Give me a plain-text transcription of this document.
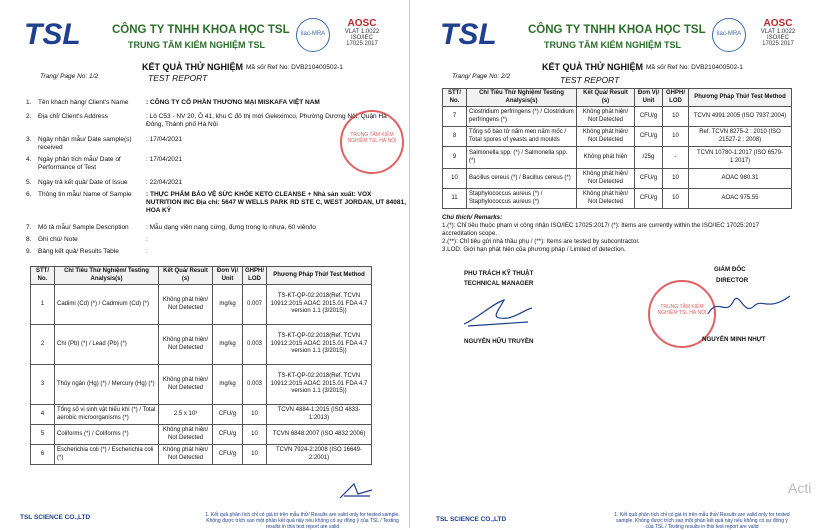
TSL	CÔNG TY TNHH KHOA HỌC TSL
TRUNG TÂM KIỂM NGHIỆM TSL
ilac-MRA
AOSC
VLAT 1.0022
ISO/IEC 17025:2017
KẾT QUẢ THỬ NGHIỆM Mã số/ Ref No: DVB210400502-1
Trang/ Page No: 1/2	TEST REPORT
1. Tên khách hàng/ Client's Name	: CÔNG TY CỔ PHẦN THƯƠNG MẠI MISKAFA VIỆT NAM
2. Địa chỉ/ Client's Address	: Lô C53 - NV 20, Ô 41, khu C đô thị mới Geleximco, Phường Dương Nội, Quận Hà Đông, Thành phố Hà Nội
3. Ngày nhận mẫu/ Date sample(s) received
: 17/04/2021
4. Ngày phân tích mẫu/ Date of Performance of Test
: 17/04/2021
5. Ngày trả kết quả/ Date of Issue	: 22/04/2021
6. Thông tin mẫu/ Name of Sample	: THỰC PHẨM BẢO VỆ SỨC KHỎE KETO CLEANSE + Nhà sản xuất: VOX NUTRITION INC Địa chỉ: 5647 W WELLS PARK RD STE C, WEST JORDAN, UT 84081, HOA KỲ
7. Mô tả mẫu/ Sample Description	: Mẫu dạng viên nang cứng, đựng trong lọ nhựa, 60 viên/lọ
8. Ghi chú/ Note	:
9. Bảng kết quả/ Results Table	:
TRUNG TÂM KIỂM NGHIỆM TSL HÀ NỘI
STT/ No.	Chỉ Tiêu Thử Nghiệm/ Testing Analysis(s)	Kết Quả/ Result (s)	Đơn Vị/ Unit	GHPH/ LOD	Phương Pháp Thử/ Test Method
1	Cadimi (Cd) (*) / Cadmium (Cd) (*)	Không phát hiện/ Not Detected	mg/kg	0.007	TS-KT-QP-02:2018(Ref. TCVN 10912:2015 AOAC 2015.01 FDA 4.7 version 1.1 (3/2015))
2	Chì (Pb) (*) / Lead (Pb) (*)	Không phát hiện/ Not Detected	mg/kg	0.003	TS-KT-QP-02:2018(Ref. TCVN 10912:2015 AOAC 2015.01 FDA 4.7 version 1.1 (3/2015))
3	Thủy ngân (Hg) (*) / Mercury (Hg) (*)	Không phát hiện/ Not Detected	mg/kg	0.003	TS-KT-QP-02:2018(Ref. TCVN 10912:2015 AOAC 2015.01 FDA 4.7 version 1.1 (3/2015))
4	Tổng số vi sinh vật hiếu khí (*) / Total aerobic microorganisms (*)	2.5 x 10³	CFU/g	10	TCVN 4884-1:2015 (ISO 4833-1:2013)
5	Coliforms (*) / Coliforms (*)	Không phát hiện/ Not Detected	CFU/g	10	TCVN 6848:2007 (ISO 4832:2006)
6	Escherichia coli (*) / Escherichia coli (*)	Không phát hiện/ Not Detected	CFU/g	10	TCVN 7924-2:2008 (ISO 16649-2:2001)
TSL SCIENCE CO.,LTD	1. Kết quả phân tích chỉ có giá trị trên mẫu thử/ Results are valid only for tested sample. Không được trích sao một phần kết quả này nếu không có sự đồng ý của TSL / Testing results in this test report are valid
TSL	CÔNG TY TNHH KHOA HỌC TSL
TRUNG TÂM KIỂM NGHIỆM TSL
ilac-MRA
AOSC
VLAT 1.0022
ISO/IEC 17025:2017
KẾT QUẢ THỬ NGHIỆM Mã số/ Ref No: DVB210400502-1
Trang/ Page No: 2/2	TEST REPORT
STT/ No.	Chỉ Tiêu Thử Nghiệm/ Testing Analysis(s)	Kết Quả/ Result (s)	Đơn Vị/ Unit	GHPH/ LOD	Phương Pháp Thử/ Test Method
7	Clostridium perfringens (*) / Clostridium perfringens (*)	Không phát hiện/ Not Detected	CFU/g	10	TCVN 4991:2005 (ISO 7937:2004)
8	Tổng số bào tử nấm men nấm mốc / Total spores of yeasts and moulds	Không phát hiện/ Not Detected	CFU/g	10	Ref. TCVN 8275-2 : 2010 (ISO 21527-2 : 2008)
9	Salmonella spp. (*) / Salmonella spp. (*)	Không phát hiện	/25g	-	TCVN 10780-1:2017 (ISO 6579-1:2017)
10	Bacillus cereus (*) / Bacillus cereus (*)	Không phát hiện/ Not Detected	CFU/g	10	AOAC 980.31
11	Staphylococcus aureus (*) / Staphylococcus aureus (*)	Không phát hiện/ Not Detected	CFU/g	10	AOAC 975.55
Chú thích/ Remarks:
1.(*): Chỉ tiêu thuộc phạm vi công nhận ISO/IEC 17025:2017/ (*): Items are currently within the ISO/IEC 17025:2017 accreditation scope.
2.(**): Chỉ tiêu gửi nhà thầu phụ / (**): Items are tested by subcontractor.
3.LOD: Giới hạn phát hiện của phương pháp / Limited of detection.
PHỤ TRÁCH KỸ THUẬT
TECHNICAL MANAGER
NGUYỄN HỮU TRUYỀN
GIÁM ĐỐC
DIRECTOR
TRUNG TÂM KIỂM NGHIỆM TSL HÀ NỘI
NGUYỄN MINH NHỰT
TSL SCIENCE CO.,LTD
1. Kết quả phân tích chỉ có giá trị trên mẫu thử/ Results are valid only for tested sample. Không được trích sao một phần kết quả này nếu không có sự đồng ý của TSL / Testing results in this test report are valid
Acti
